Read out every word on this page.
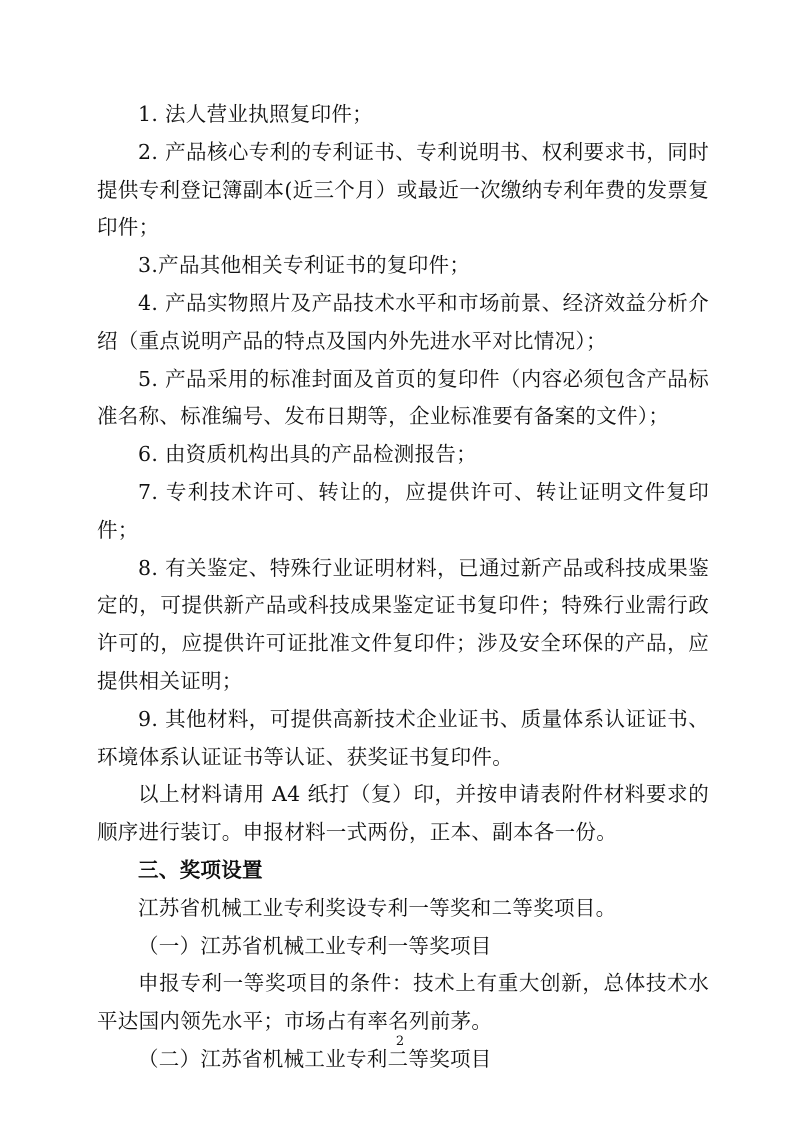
1. 法人营业执照复印件；

2. 产品核心专利的专利证书、专利说明书、权利要求书，同时提供专利登记簿副本(近三个月）或最近一次缴纳专利年费的发票复印件；

3.产品其他相关专利证书的复印件；

4. 产品实物照片及产品技术水平和市场前景、经济效益分析介绍（重点说明产品的特点及国内外先进水平对比情况）；

5. 产品采用的标准封面及首页的复印件（内容必须包含产品标准名称、标准编号、发布日期等，企业标准要有备案的文件）；

6. 由资质机构出具的产品检测报告；

7. 专利技术许可、转让的，应提供许可、转让证明文件复印件；

8. 有关鉴定、特殊行业证明材料，已通过新产品或科技成果鉴定的，可提供新产品或科技成果鉴定证书复印件；特殊行业需行政许可的，应提供许可证批准文件复印件；涉及安全环保的产品，应提供相关证明；

9. 其他材料，可提供高新技术企业证书、质量体系认证证书、环境体系认证证书等认证、获奖证书复印件。

以上材料请用 A4 纸打（复）印，并按申请表附件材料要求的顺序进行装订。申报材料一式两份，正本、副本各一份。

三、奖项设置

江苏省机械工业专利奖设专利一等奖和二等奖项目。

（一）江苏省机械工业专利一等奖项目

申报专利一等奖项目的条件：技术上有重大创新，总体技术水平达国内领先水平；市场占有率名列前茅。

（二）江苏省机械工业专利二等奖项目

2
